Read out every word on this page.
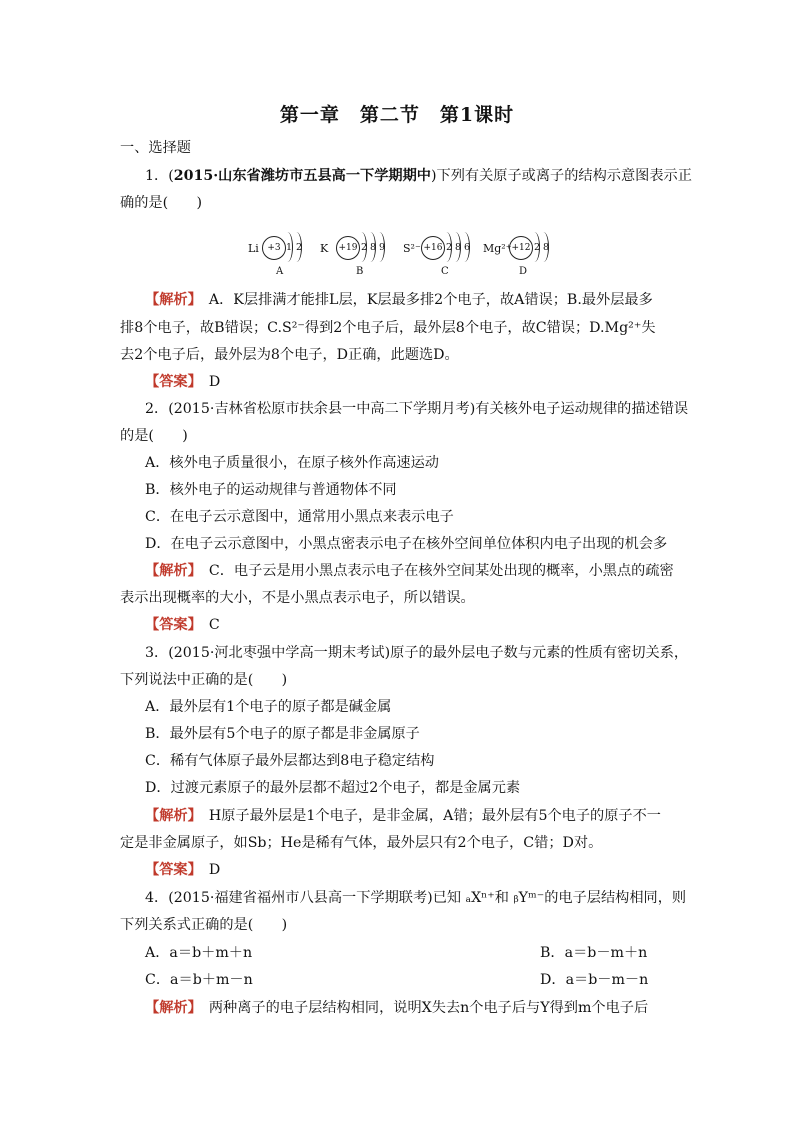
第一章　第二节　第1课时
一、选择题
1．(2015·山东省潍坊市五县高一下学期期中)下列有关原子或离子的结构示意图表示正
确的是(　　)
Li +3 1 2
A
K +19 2 8 9
B
S²⁻ +16 2 8 6
C
Mg²⁺ +12 2 8
D
【解析】　 A．K层排满才能排L层，K层最多排2个电子，故A错误；B.最外层最多
排8个电子，故B错误；C.S²⁻得到2个电子后，最外层8个电子，故C错误；D.Mg²⁺失
去2个电子后，最外层为8个电子，D正确，此题选D。
【答案】　 D
2．(2015·吉林省松原市扶余县一中高二下学期月考)有关核外电子运动规律的描述错误
的是(　　)
A．核外电子质量很小，在原子核外作高速运动
B．核外电子的运动规律与普通物体不同
C．在电子云示意图中，通常用小黑点来表示电子
D．在电子云示意图中，小黑点密表示电子在核外空间单位体积内电子出现的机会多
【解析】　 C．电子云是用小黑点表示电子在核外空间某处出现的概率，小黑点的疏密
表示出现概率的大小，不是小黑点表示电子，所以错误。
【答案】　 C
3．(2015·河北枣强中学高一期末考试)原子的最外层电子数与元素的性质有密切关系，
下列说法中正确的是(　　)
A．最外层有1个电子的原子都是碱金属
B．最外层有5个电子的原子都是非金属原子
C．稀有气体原子最外层都达到8电子稳定结构
D．过渡元素原子的最外层都不超过2个电子，都是金属元素
【解析】　 H原子最外层是1个电子，是非金属，A错；最外层有5个电子的原子不一
定是非金属原子，如Sb；He是稀有气体，最外层只有2个电子，C错；D对。
【答案】　 D
4．(2015·福建省福州市八县高一下学期联考)已知 ₐXⁿ⁺和 ᵦYᵐ⁻的电子层结构相同，则
下列关系式正确的是(　　)
A．a＝b＋m＋n	B．a＝b－m＋n
C．a＝b＋m－n	D．a＝b－m－n
【解析】　 两种离子的电子层结构相同，说明X失去n个电子后与Y得到m个电子后
